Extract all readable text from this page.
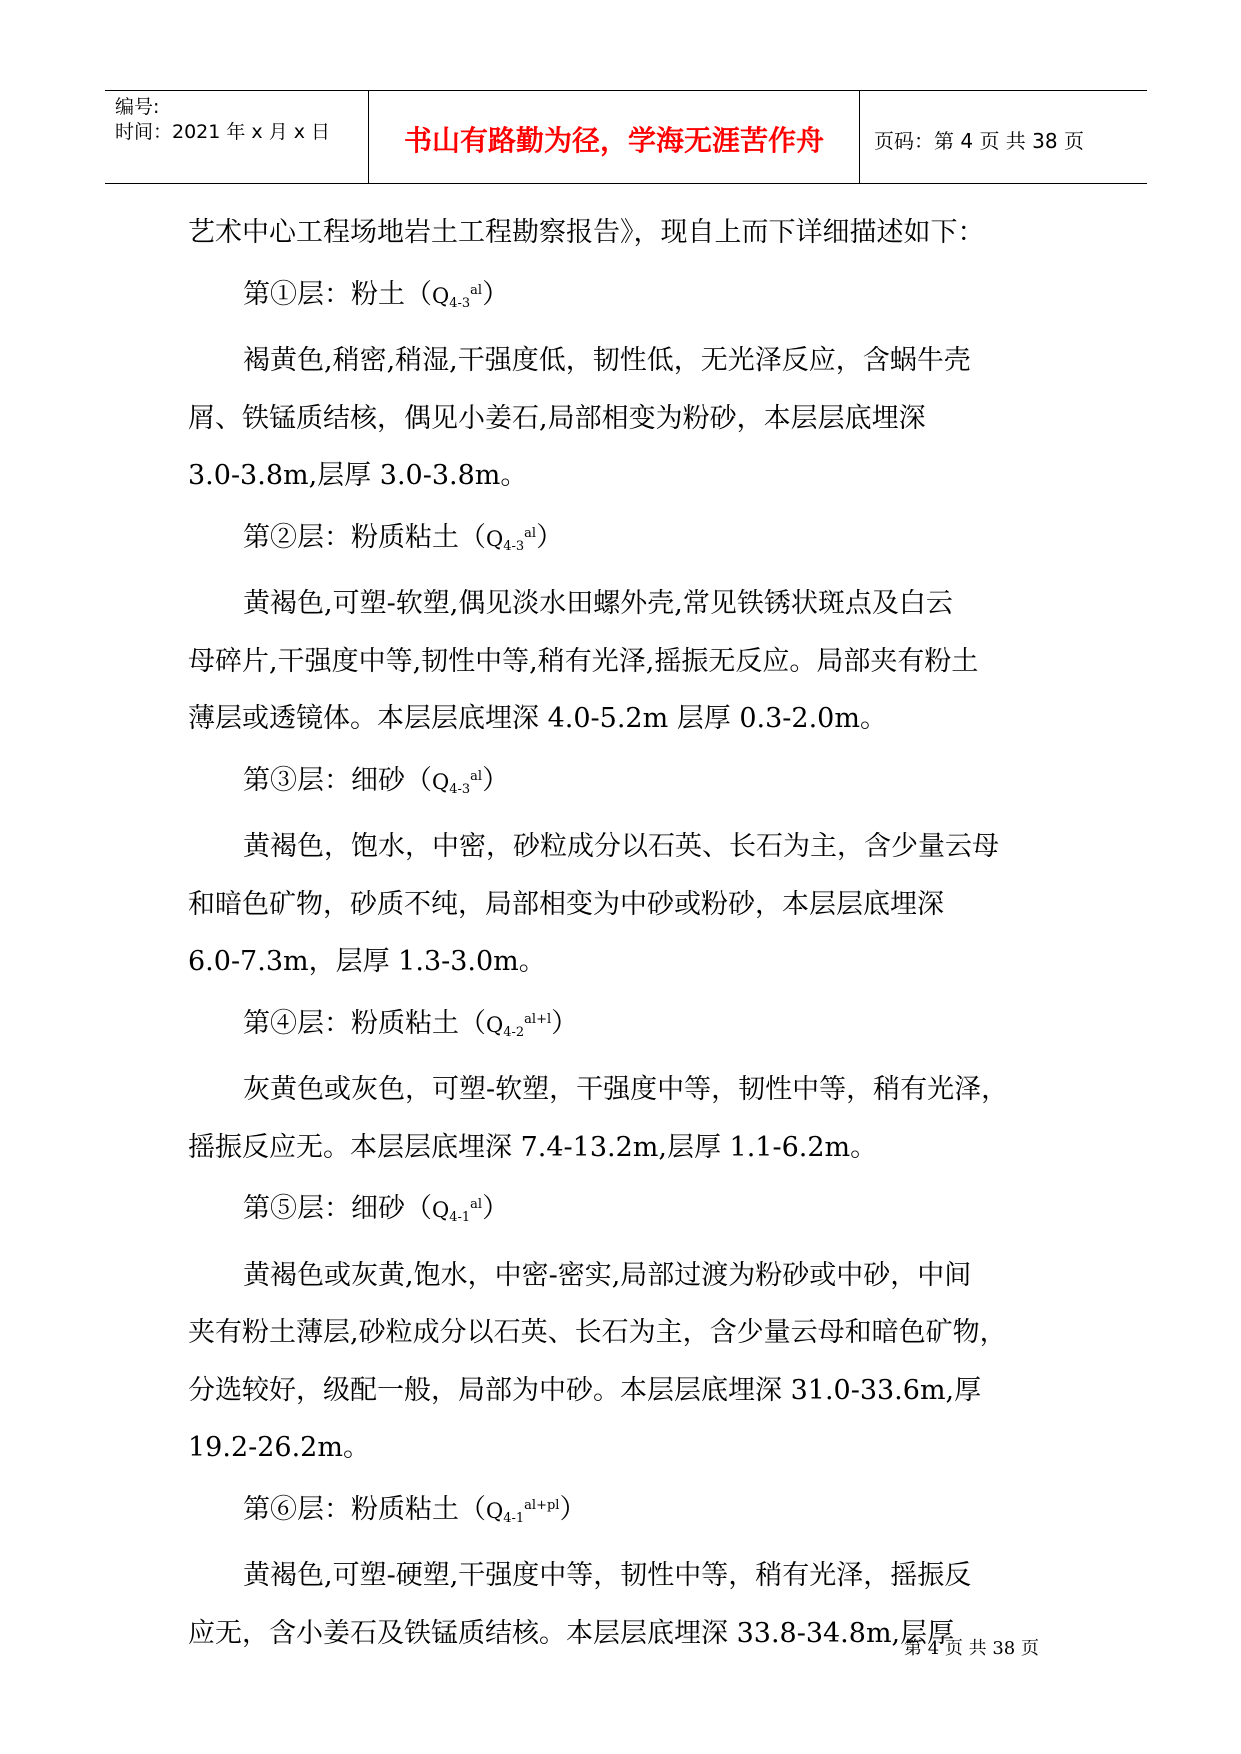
编号:
时间：2021 年 x 月 x 日	书山有路勤为径，学海无涯苦作舟	页码：第 4 页 共 38 页

艺术中心工程场地岩土工程勘察报告》，现自上而下详细描述如下：

第①层：粉土$(Q_{4-3}^{al})$

褐黄色,稍密,稍湿,干强度低，韧性低，无光泽反应，含蜗牛壳

屑、铁锰质结核，偶见小姜石,局部相变为粉砂，本层层底埋深

3.0-3.8m,层厚 3.0-3.8m。

第②层：粉质粘土$(Q_{4-3}^{al})$

黄褐色,可塑-软塑,偶见淡水田螺外壳,常见铁锈状斑点及白云

母碎片,干强度中等,韧性中等,稍有光泽,摇振无反应。局部夹有粉土

薄层或透镜体。本层层底埋深 4.0-5.2m 层厚 0.3-2.0m。

第③层：细砂$(Q_{4-3}^{al})$

黄褐色，饱水，中密，砂粒成分以石英、长石为主，含少量云母

和暗色矿物，砂质不纯，局部相变为中砂或粉砂，本层层底埋深

6.0-7.3m，层厚 1.3-3.0m。

第④层：粉质粘土$(Q_{4-2}^{al+l})$

灰黄色或灰色，可塑-软塑，干强度中等，韧性中等，稍有光泽，

摇振反应无。本层层底埋深 7.4-13.2m,层厚 1.1-6.2m。

第⑤层：细砂$(Q_{4-1}^{al})$

黄褐色或灰黄,饱水，中密-密实,局部过渡为粉砂或中砂，中间

夹有粉土薄层,砂粒成分以石英、长石为主，含少量云母和暗色矿物，

分选较好，级配一般，局部为中砂。本层层底埋深 31.0-33.6m,厚

19.2-26.2m。

第⑥层：粉质粘土$(Q_{4-1}^{al+pl})$

黄褐色,可塑-硬塑,干强度中等，韧性中等，稍有光泽，摇振反

应无，含小姜石及铁锰质结核。本层层底埋深 33.8-34.8m,层厚

第 4 页 共 38 页
